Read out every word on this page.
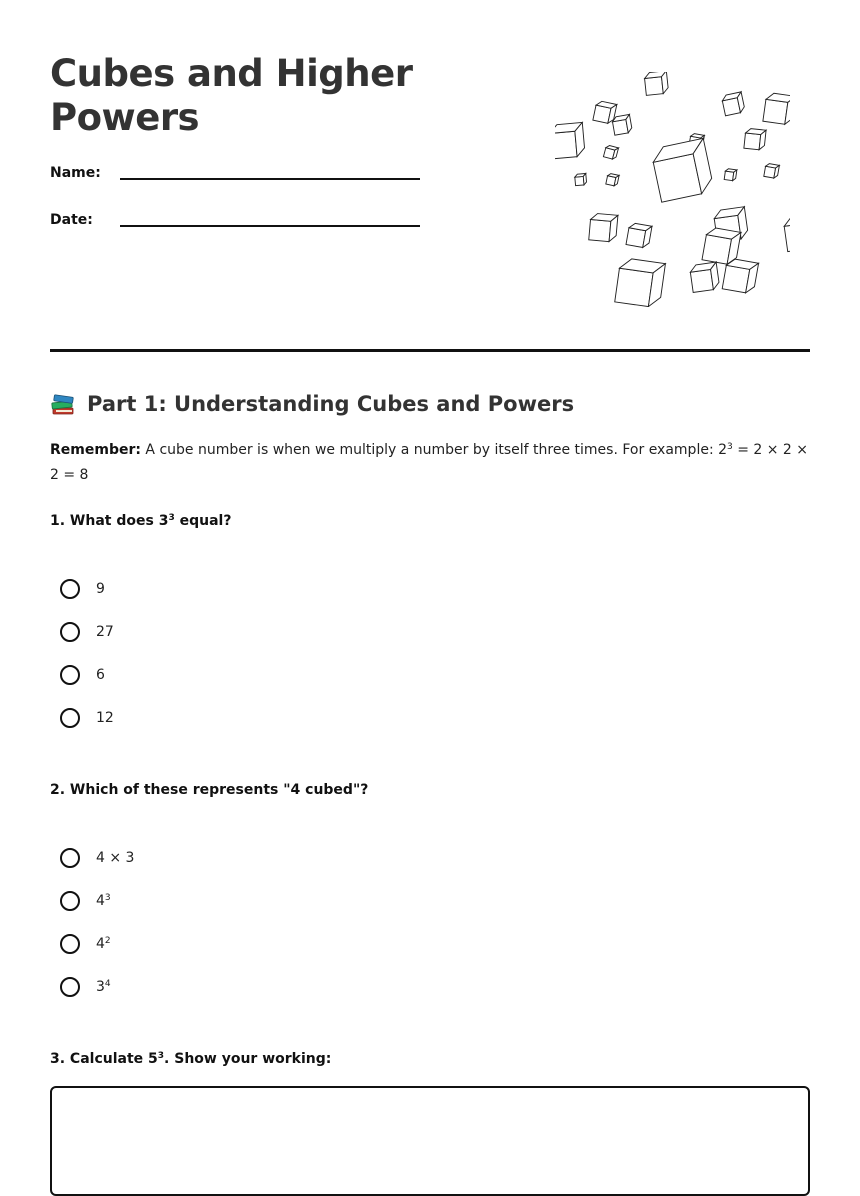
Cubes and Higher
Powers
Name:
Date:
Part 1: Understanding Cubes and Powers
Remember: A cube number is when we multiply a number by itself three times. For example: $2^3 = 2 \times 2 \times 2 = 8$

1. What does $3^3$ equal?

9
27
6
12

2. Which of these represents "4 cubed"?

4 × 3
$4^3$
$4^2$
$3^4$

3. Calculate $5^3$. Show your working:
